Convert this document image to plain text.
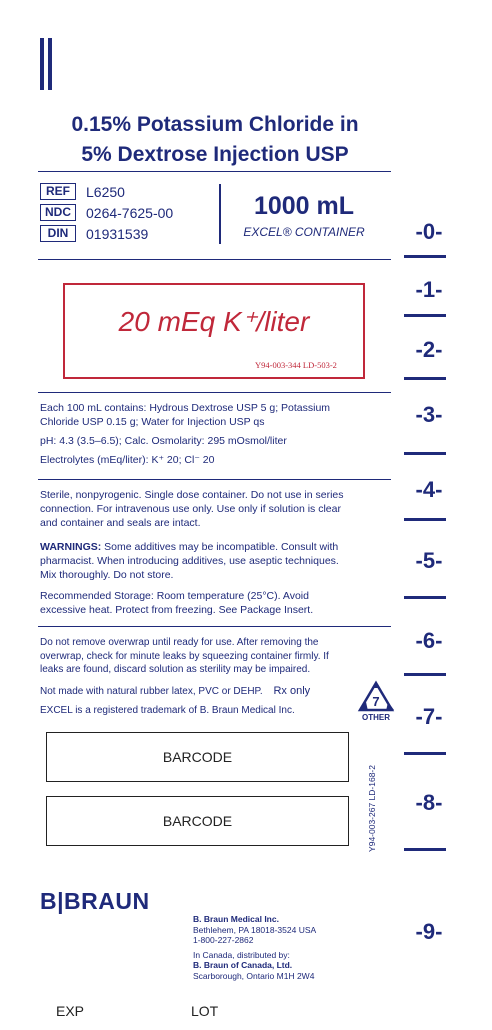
0.15% Potassium Chloride in
5% Dextrose Injection USP
REF	L6250
NDC	0264-7625-00
DIN	01931539
1000 mL
EXCEL® CONTAINER
20 mEq K⁺/liter
Y94-003-344 LD-503-2
Each 100 mL contains: Hydrous Dextrose USP 5 g; Potassium
Chloride USP 0.15 g; Water for Injection USP qs
pH: 4.3 (3.5–6.5); Calc. Osmolarity: 295 mOsmol/liter
Electrolytes (mEq/liter): K⁺ 20; Cl⁻ 20
Sterile, nonpyrogenic. Single dose container. Do not use in series
connection. For intravenous use only. Use only if solution is clear
and container and seals are intact.
WARNINGS: Some additives may be incompatible. Consult with
pharmacist. When introducing additives, use aseptic techniques.
Mix thoroughly. Do not store.
Recommended Storage: Room temperature (25°C). Avoid
excessive heat. Protect from freezing. See Package Insert.
Do not remove overwrap until ready for use. After removing the
overwrap, check for minute leaks by squeezing container firmly. If
leaks are found, discard solution as sterility may be impaired.
Not made with natural rubber latex, PVC or DEHP. Rx only
EXCEL is a registered trademark of B. Braun Medical Inc.
7
OTHER
BARCODE
BARCODE	Y94-003-267 LD-168-2
-0-
-1-
-2-
-3-
-4-
-5-
-6-
-7-
-8-
-9-
B|BRAUN
B. Braun Medical Inc.
Bethlehem, PA 18018-3524 USA
1-800-227-2862
In Canada, distributed by:
B. Braun of Canada, Ltd.
Scarborough, Ontario M1H 2W4
EXP	LOT
